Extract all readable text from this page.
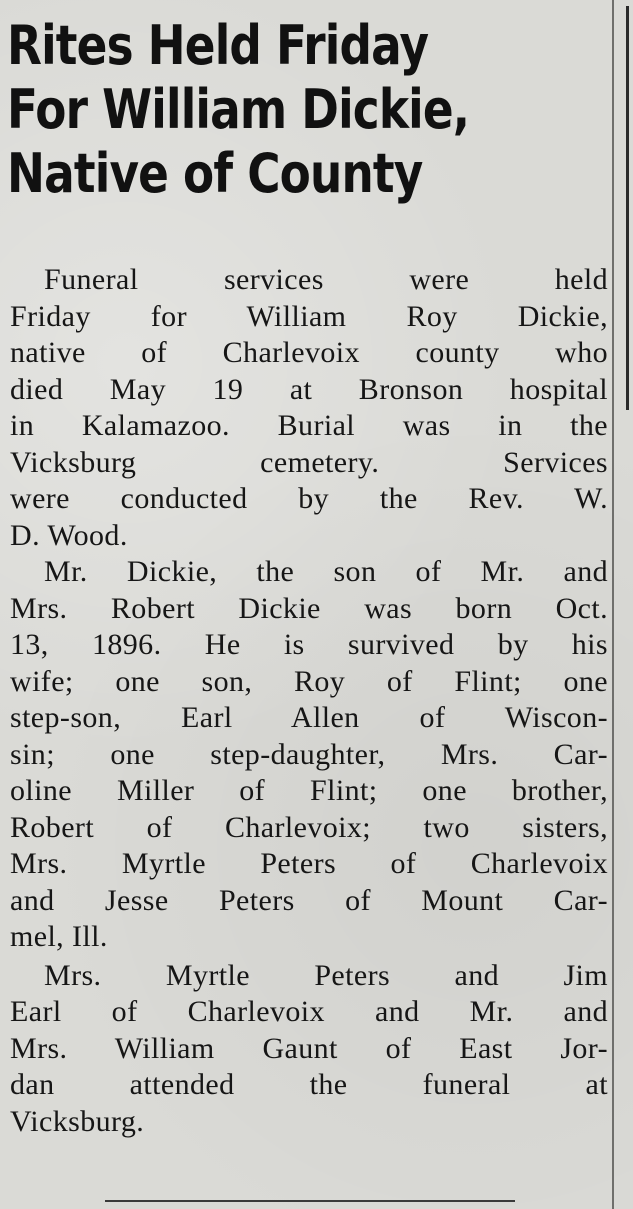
Rites Held Friday
For William Dickie,
Native of County

Funeral services were held
Friday for William Roy Dickie,
native of Charlevoix county who
died May 19 at Bronson hospital
in Kalamazoo. Burial was in the
Vicksburg cemetery. Services
were conducted by the Rev. W.
D. Wood.

Mr. Dickie, the son of Mr. and
Mrs. Robert Dickie was born Oct.
13, 1896. He is survived by his
wife; one son, Roy of Flint; one
step-son, Earl Allen of Wiscon-
sin; one step-daughter, Mrs. Car-
oline Miller of Flint; one brother,
Robert of Charlevoix; two sisters,
Mrs. Myrtle Peters of Charlevoix
and Jesse Peters of Mount Car-
mel, Ill.

Mrs. Myrtle Peters and Jim
Earl of Charlevoix and Mr. and
Mrs. William Gaunt of East Jor-
dan attended the funeral at
Vicksburg.
